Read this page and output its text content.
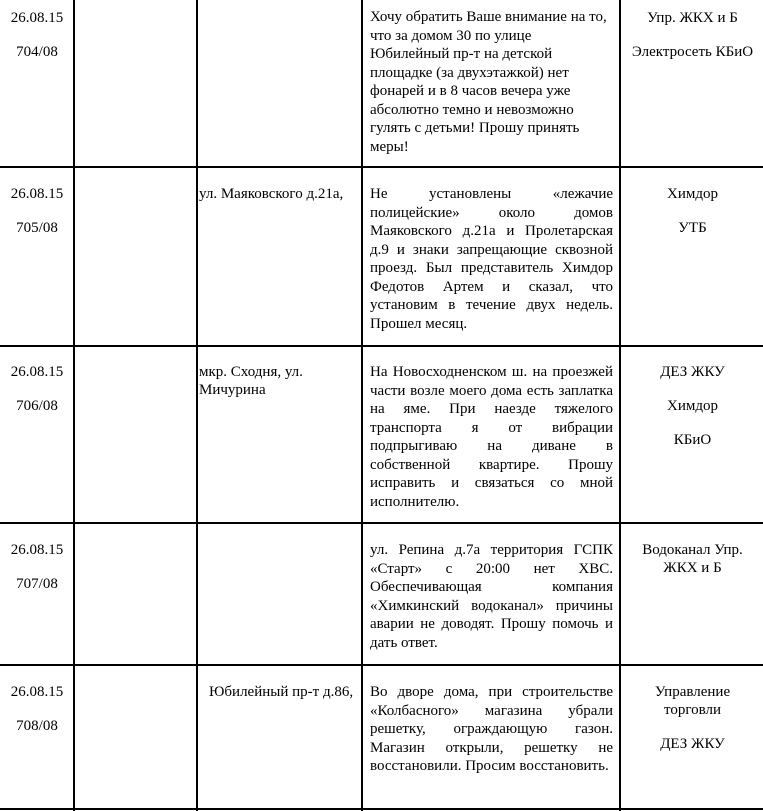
26.08.15
704/08

Хочу обратить Ваше внимание на то, что за домом 30 по улице Юбилейный пр-т на детской площадке (за двухэтажкой) нет фонарей и в 8 часов вечера уже абсолютно темно и невозможно гулять с детьми! Прошу принять меры!

Упр. ЖКХ и Б
Электросеть КБиО
26.08.15
705/08
ул. Маяковского д.21а,	Не установлены «лежачие полицейские» около домов Маяковского д.21а и Пролетарская д.9 и знаки запрещающие сквозной проезд. Был представитель Химдор Федотов Артем и сказал, что установим в течение двух недель. Прошел месяц.

Химдор
УТБ
26.08.15
706/08
мкр. Сходня, ул. Мичурина

На Новосходненском ш. на проезжей части возле моего дома есть заплатка на яме. При наезде тяжелого транспорта я от вибрации подпрыгиваю на диване в собственной квартире. Прошу исправить и связаться со мной исполнителю.

ДЕЗ ЖКУ
Химдор
КБиО
26.08.15
707/08

ул. Репина д.7а территория ГСПК «Старт» с 20:00 нет ХВС. Обеспечивающая компания «Химкинский водоканал» причины аварии не доводят. Прошу помочь и дать ответ.

Водоканал Упр. ЖКХ и Б
26.08.15
708/08
Юбилейный пр-т д.86,	Во дворе дома, при строительстве «Колбасного» магазина убрали решетку, ограждающую газон. Магазин открыли, решетку не восстановили. Просим восстановить.

Управление торговли
ДЕЗ ЖКУ
